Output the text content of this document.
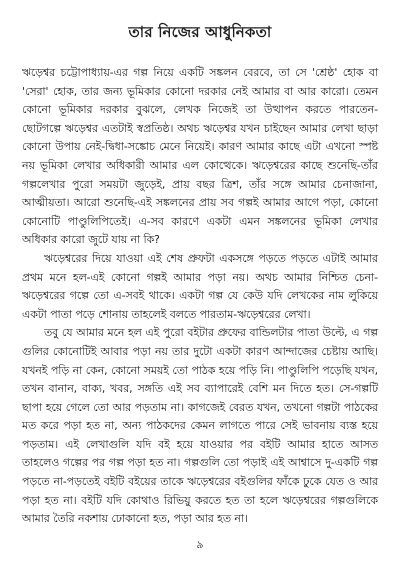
তার নিজের আধুনিকতা

ঋড়েশ্বর চট্টোপাধ্যায়-এর গল্প নিয়ে একটি সঙ্কলন বেরবে, তা সে 'শ্রেষ্ঠ' হোক বা 'সেরা' হোক, তার জন্য ভূমিকার কোনো দরকার নেই আমার বা আর কারো। তেমন কোনো ভূমিকার দরকার বুঝলে, লেখক নিজেই তা উত্থাপন করতে পারতেন- ছোটগল্পে ঋড়েশ্বর এতটাই স্বপ্রতিষ্ঠ। অথচ ঋড়েশ্বর যখন চাইছেন আমার লেখা ছাড়া কোনো উপায় নেই-দ্বিধা-সঙ্কোচ মেনে নিয়েই। কারণ আমার কাছে এটা এখনো স্পষ্ট নয় ভূমিকা লেখার অধিকারী আমার এল কোত্থেকে। ঋড়েশ্বরের কাছে শুনেছি-তাঁর গল্পলেখার পুরো সময়টা জুড়েই, প্রায় বছর ত্রিশ, তাঁর সঙ্গে আমার চেনাজানা, আত্মীয়তা। আরো শুনেছি-এই সঙ্কলনের প্রায় সব গল্পই আমার আগে পড়া, কোনো কোনোটি পাণ্ডুলিপিতেই। এ-সব কারণে একটা এমন সঙ্কলনের ভূমিকা লেখার অধিকার কারো জুটে যায় না কি?

ঋড়েশ্বরের দিয়ে যাওয়া এই শেষ প্রুফটা একসঙ্গে পড়তে পড়তে এটাই আমার প্রথম মনে হল-এই কোনো গল্পই আমার পড়া নয়। অথচ আমার নিশ্চিত চেনা- ঋড়েশ্বরের গল্পে তো এ-সবই থাকে। একটা গল্প যে কেউ যদি লেখকের নাম লুকিয়ে একটা পাতা পড়ে শোনায় তাহলেই বলতে পারতাম-ঋড়েশ্বরের লেখা।

তবু যে আমার মনে হল এই পুরো বইটার প্রুফের বান্ডিলটার পাতা উল্টে, এ গল্প গুলির কোনোটিই আবার পড়া নয় তার দুটো একটা কারণ আন্দাজের চেষ্টায় আছি। যখনই পড়ি না কেন, কোনো সময়ই তো পাঠক হয়ে পড়ি নি। পাণ্ডুলিপি পড়েছি যখন, তখন বানান, বাক্য, খবর, সঙ্গতি এই সব ব্যাপারেই বেশি মন দিতে হত। সে-গল্পটি ছাপা হয়ে গেলে তো আর পড়তাম না। কাগজেই বেরত যখন, তখনো গল্পটা পাঠকের মত করে পড়া হত না, অন্য পাঠকদের কেমন লাগতে পারে সেই ভাবনায় ব্যস্ত হয়ে পড়তাম। এই লেখাগুলি যদি বই হয়ে যাওয়ার পর বইটি আমার হাতে আসত তাহলেও গল্পের পর গল্প পড়া হত না। গল্পগুলি তো পড়াই এই আশ্বাসে দু-একটি গল্প পড়তে না-পড়তেই বইটি বইয়ের তাকে ঋড়েশ্বরের বইগুলির ফাঁকে ঢুকে যেত ও আর পড়া হত না। বইটি যদি কোথাও রিভিয়ু করতে হত তা হলে ঋড়েশ্বরের গল্পগুলিকে আমার তৈরি নকশায় ঢোকানো হত, পড়া আর হত না।

৯
